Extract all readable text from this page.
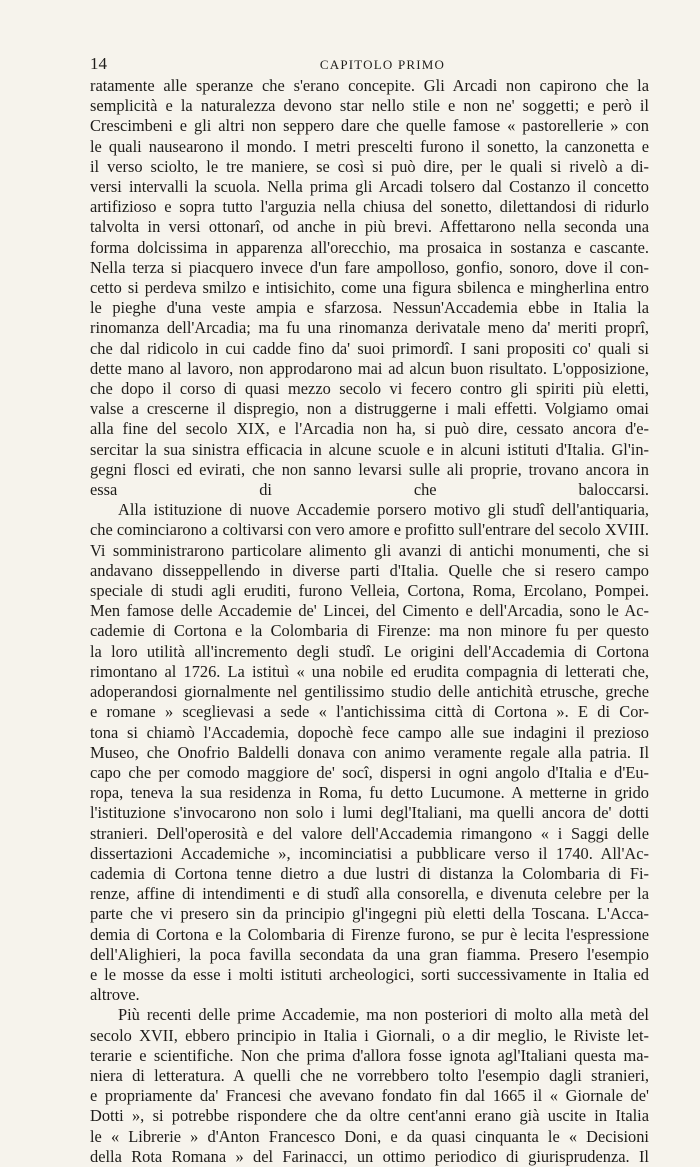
14	CAPITOLO PRIMO

ratamente alle speranze che s'erano concepite. Gli Arcadi non capirono che la
semplicità e la naturalezza devono star nello stile e non ne' soggetti; e però il
Crescimbeni e gli altri non seppero dare che quelle famose « pastorellerie » con
le quali nausearono il mondo. I metri prescelti furono il sonetto, la canzonetta e
il verso sciolto, le tre maniere, se così si può dire, per le quali si rivelò a di-
versi intervalli la scuola. Nella prima gli Arcadi tolsero dal Costanzo il concetto
artifizioso e sopra tutto l'arguzia nella chiusa del sonetto, dilettandosi di ridurlo
talvolta in versi ottonarî, od anche in più brevi. Affettarono nella seconda una
forma dolcissima in apparenza all'orecchio, ma prosaica in sostanza e cascante.
Nella terza si piacquero invece d'un fare ampolloso, gonfio, sonoro, dove il con-
cetto si perdeva smilzo e intisichito, come una figura sbilenca e mingherlina entro
le pieghe d'una veste ampia e sfarzosa. Nessun'Accademia ebbe in Italia la
rinomanza dell'Arcadia; ma fu una rinomanza derivatale meno da' meriti proprî,
che dal ridicolo in cui cadde fino da' suoi primordî. I sani propositi co' quali si
dette mano al lavoro, non approdarono mai ad alcun buon risultato. L'opposizione,
che dopo il corso di quasi mezzo secolo vi fecero contro gli spiriti più eletti,
valse a crescerne il dispregio, non a distruggerne i mali effetti. Volgiamo omai
alla fine del secolo XIX, e l'Arcadia non ha, si può dire, cessato ancora d'e-
sercitar la sua sinistra efficacia in alcune scuole e in alcuni istituti d'Italia. Gl'in-
gegni flosci ed evirati, che non sanno levarsi sulle ali proprie, trovano ancora in
essa di che baloccarsi.

Alla istituzione di nuove Accademie porsero motivo gli studî dell'antiquaria,
che cominciarono a coltivarsi con vero amore e profitto sull'entrare del secolo XVIII.
Vi somministrarono particolare alimento gli avanzi di antichi monumenti, che si
andavano disseppellendo in diverse parti d'Italia. Quelle che si resero campo
speciale di studi agli eruditi, furono Velleia, Cortona, Roma, Ercolano, Pompei.
Men famose delle Accademie de' Lincei, del Cimento e dell'Arcadia, sono le Ac-
cademie di Cortona e la Colombaria di Firenze: ma non minore fu per questo
la loro utilità all'incremento degli studî. Le origini dell'Accademia di Cortona
rimontano al 1726. La istituì « una nobile ed erudita compagnia di letterati che,
adoperandosi giornalmente nel gentilissimo studio delle antichità etrusche, greche
e romane » sceglievasi a sede « l'antichissima città di Cortona ». E di Cor-
tona si chiamò l'Accademia, dopochè fece campo alle sue indagini il prezioso
Museo, che Onofrio Baldelli donava con animo veramente regale alla patria. Il
capo che per comodo maggiore de' socî, dispersi in ogni angolo d'Italia e d'Eu-
ropa, teneva la sua residenza in Roma, fu detto Lucumone. A metterne in grido
l'istituzione s'invocarono non solo i lumi degl'Italiani, ma quelli ancora de' dotti
stranieri. Dell'operosità e del valore dell'Accademia rimangono « i Saggi delle
dissertazioni Accademiche », incominciatisi a pubblicare verso il 1740. All'Ac-
cademia di Cortona tenne dietro a due lustri di distanza la Colombaria di Fi-
renze, affine di intendimenti e di studî alla consorella, e divenuta celebre per la
parte che vi presero sin da principio gl'ingegni più eletti della Toscana. L'Acca-
demia di Cortona e la Colombaria di Firenze furono, se pur è lecita l'espressione
dell'Alighieri, la poca favilla secondata da una gran fiamma. Presero l'esempio
e le mosse da esse i molti istituti archeologici, sorti successivamente in Italia ed
altrove.

Più recenti delle prime Accademie, ma non posteriori di molto alla metà del
secolo XVII, ebbero principio in Italia i Giornali, o a dir meglio, le Riviste let-
terarie e scientifiche. Non che prima d'allora fosse ignota agl'Italiani questa ma-
niera di letteratura. A quelli che ne vorrebbero tolto l'esempio dagli stranieri,
e propriamente da' Francesi che avevano fondato fin dal 1665 il « Giornale de'
Dotti », si potrebbe rispondere che da oltre cent'anni erano già uscite in Italia
le « Librerie » d'Anton Francesco Doni, e da quasi cinquanta le « Decisioni
della Rota Romana » del Farinacci, un ottimo periodico di giurisprudenza. Il
